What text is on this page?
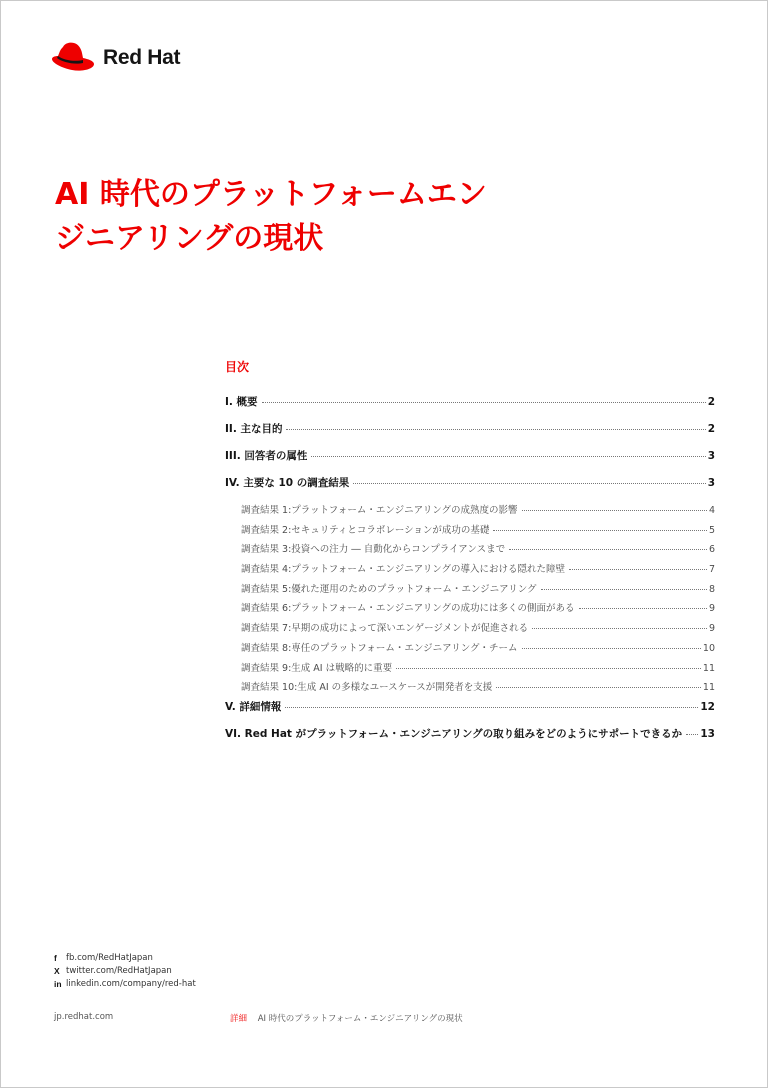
Red Hat
AI 時代のプラットフォームエン
ジニアリングの現状
目次
I. 概要	2
II. 主な目的	2
III. 回答者の属性	3
IV. 主要な 10 の調査結果	3
調査結果 1:プラットフォーム・エンジニアリングの成熟度の影響	4
調査結果 2:セキュリティとコラボレーションが成功の基礎	5
調査結果 3:投資への注力 ― 自動化からコンプライアンスまで	6
調査結果 4:プラットフォーム・エンジニアリングの導入における隠れた障壁	7
調査結果 5:優れた運用のためのプラットフォーム・エンジニアリング	8
調査結果 6:プラットフォーム・エンジニアリングの成功には多くの側面がある	9
調査結果 7:早期の成功によって深いエンゲージメントが促進される	9
調査結果 8:専任のプラットフォーム・エンジニアリング・チーム	10
調査結果 9:生成 AI は戦略的に重要	11
調査結果 10:生成 AI の多様なユースケースが開発者を支援	11
V. 詳細情報	12
VI. Red Hat がプラットフォーム・エンジニアリングの取り組みをどのようにサポートできるか 13
f	fb.com/RedHatJapan
X twitter.com/RedHatJapan
in linkedin.com/company/red-hat
jp.redhat.com	詳細 AI 時代のプラットフォーム・エンジニアリングの現状
